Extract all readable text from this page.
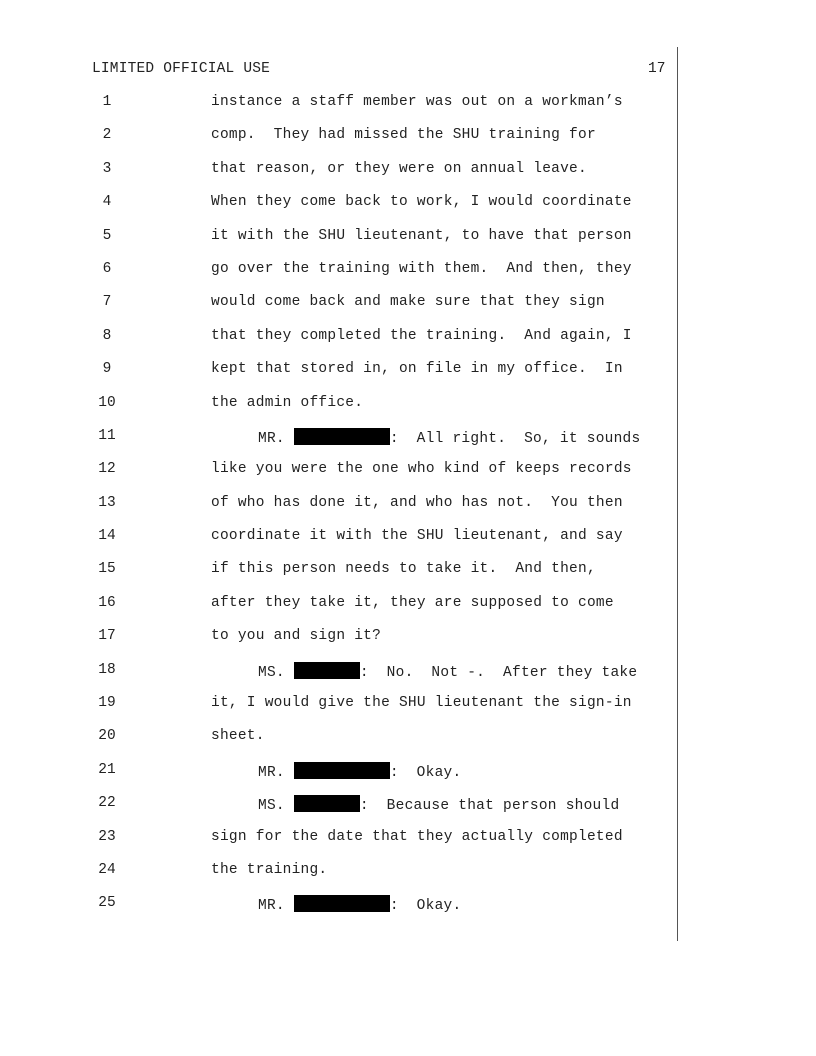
LIMITED OFFICIAL USE	17
1	instance a staff member was out on a workman’s
2	comp.  They had missed the SHU training for
3	that reason, or they were on annual leave.
4	When they come back to work, I would coordinate
5	it with the SHU lieutenant, to have that person
6	go over the training with them.  And then, they
7	would come back and make sure that they sign
8	that they completed the training.  And again, I
9	kept that stored in, on file in my office.  In
10	the admin office.
11	MR.	:  All right.  So, it sounds
12	like you were the one who kind of keeps records
13	of who has done it, and who has not.  You then
14	coordinate it with the SHU lieutenant, and say
15	if this person needs to take it.  And then,
16	after they take it, they are supposed to come
17	to you and sign it?
18	MS.	:  No.  Not -.  After they take
19	it, I would give the SHU lieutenant the sign-in
20	sheet.
21	MR.	:  Okay.
22	MS.	:  Because that person should
23	sign for the date that they actually completed
24	the training.
25	MR.	:  Okay.
